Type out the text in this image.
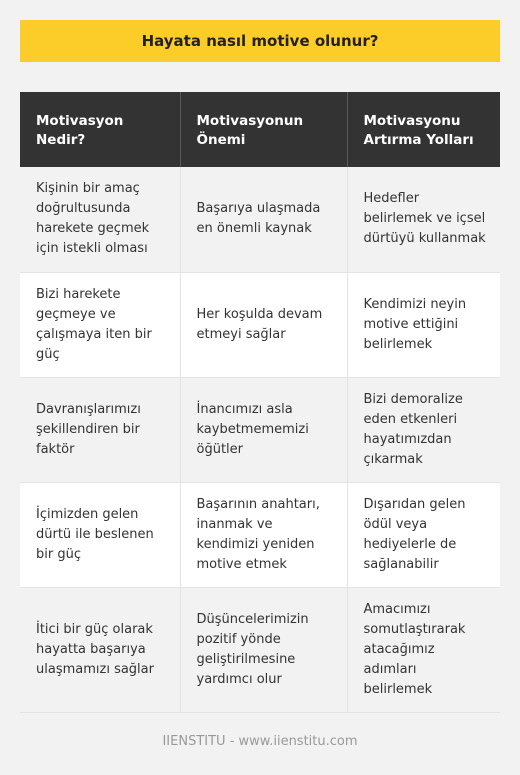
Hayata nasıl motive olunur?
Motivasyon Nedir?	Motivasyonun Önemi	Motivasyonu Artırma Yolları
Kişinin bir amaç doğrultusunda harekete geçmek için istekli olması	Başarıya ulaşmada en önemli kaynak	Hedefler belirlemek ve içsel dürtüyü kullanmak
Bizi harekete geçmeye ve çalışmaya iten bir güç	Her koşulda devam etmeyi sağlar	Kendimizi neyin motive ettiğini belirlemek
Davranışlarımızı şekillendiren bir faktör	İnancımızı asla kaybetmememizi öğütler	Bizi demoralize eden etkenleri hayatımızdan çıkarmak
İçimizden gelen dürtü ile beslenen bir güç	Başarının anahtarı, inanmak ve kendimizi yeniden motive etmek	Dışarıdan gelen ödül veya hediyelerle de sağlanabilir
İtici bir güç olarak hayatta başarıya ulaşmamızı sağlar	Düşüncelerimizin pozitif yönde geliştirilmesine yardımcı olur	Amacımızı somutlaştırarak atacağımız adımları belirlemek
IIENSTITU - www.iienstitu.com
